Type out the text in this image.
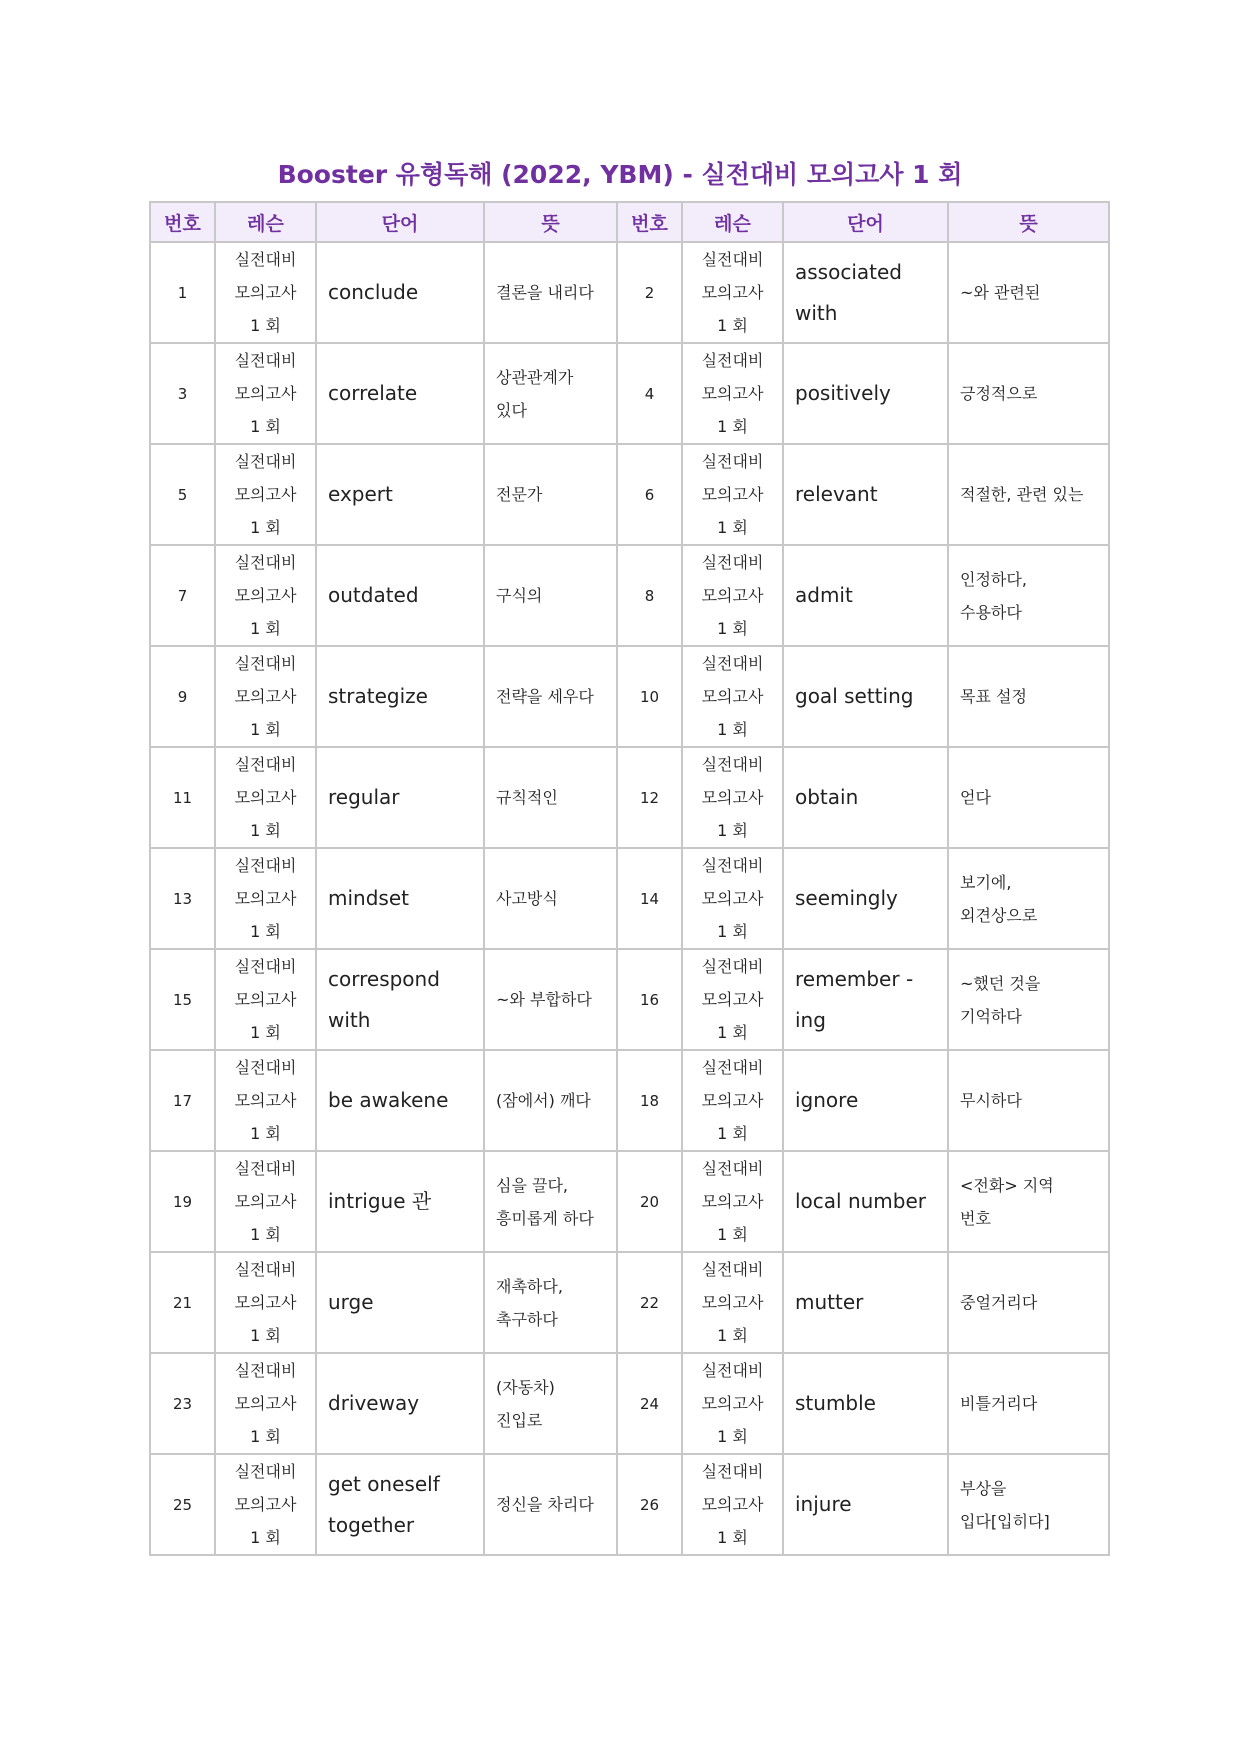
Booster 유형독해 (2022, YBM) - 실전대비 모의고사 1 회
번호	레슨	단어	뜻	번호	레슨	단어	뜻
1	실전대비
모의고사
1 회	conclude	결론을 내리다	2	실전대비
모의고사
1 회	associated
with	~와 관련된

3	실전대비
모의고사
1 회	correlate	상관관계가
있다	4	실전대비
모의고사
1 회	positively	긍정적으로

5	실전대비
모의고사
1 회	expert	전문가	6	실전대비
모의고사
1 회	relevant	적절한, 관련 있는

7	실전대비
모의고사
1 회	outdated	구식의	8	실전대비
모의고사
1 회	admit	인정하다,
수용하다

9	실전대비
모의고사
1 회	strategize	전략을 세우다	10	실전대비
모의고사
1 회	goal setting	목표 설정

11	실전대비
모의고사
1 회	regular	규칙적인	12	실전대비
모의고사
1 회	obtain	얻다

13	실전대비
모의고사
1 회	mindset	사고방식	14	실전대비
모의고사
1 회	seemingly	보기에,
외견상으로

15	실전대비
모의고사
1 회	correspond
with	~와 부합하다	16	실전대비
모의고사
1 회	remember -
ing	~했던 것을
기억하다

17	실전대비
모의고사
1 회	be awakene	(잠에서) 깨다	18	실전대비
모의고사
1 회	ignore	무시하다

19	실전대비
모의고사
1 회	intrigue 관	심을 끌다,
흥미롭게 하다	20	실전대비
모의고사
1 회	local number	<전화> 지역
번호

21	실전대비
모의고사
1 회	urge	재촉하다,
촉구하다	22	실전대비
모의고사
1 회	mutter	중얼거리다

23	실전대비
모의고사
1 회	driveway	(자동차)
진입로	24	실전대비
모의고사
1 회	stumble	비틀거리다

25	실전대비
모의고사
1 회	get oneself
together	정신을 차리다	26	실전대비
모의고사
1 회	injure	부상을
입다[입히다]
